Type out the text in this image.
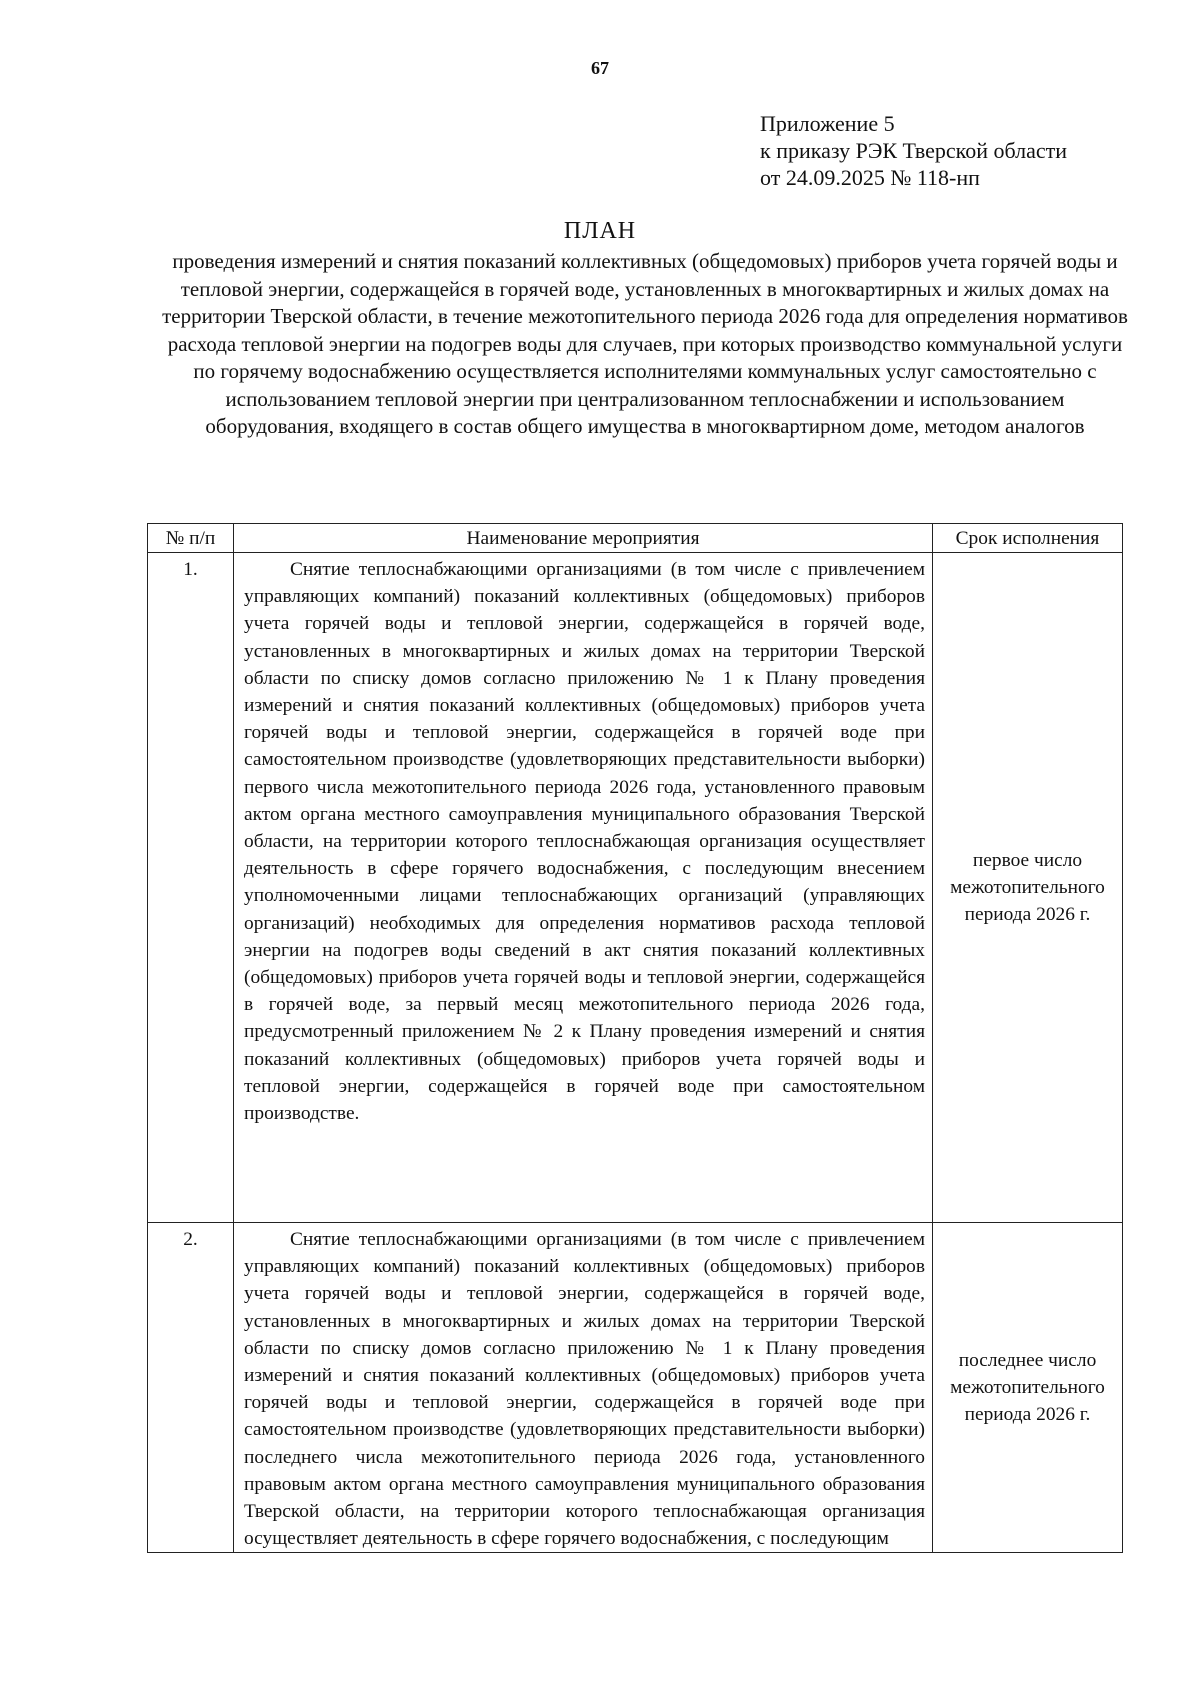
67
Приложение 5
к приказу РЭК Тверской области
от 24.09.2025 № 118-нп
ПЛАН
проведения измерений и снятия показаний коллективных (общедомовых) приборов учета горячей воды и тепловой энергии, содержащейся в горячей воде, установленных в многоквартирных и жилых домах на территории Тверской области, в течение межотопительного периода 2026 года для определения нормативов расхода тепловой энергии на подогрев воды для случаев, при которых производство коммунальной услуги по горячему водоснабжению осуществляется исполнителями коммунальных услуг самостоятельно с использованием тепловой энергии при централизованном теплоснабжении и использованием оборудования, входящего в состав общего имущества в многоквартирном доме, методом аналогов
№ п/п	Наименование мероприятия	Срок исполнения
1.	Снятие теплоснабжающими организациями (в том числе с привлечением управляющих компаний) показаний коллективных (общедомовых) приборов учета горячей воды и тепловой энергии, содержащейся в горячей воде, установленных в многоквартирных и жилых домах на территории Тверской области по списку домов согласно приложению № 1 к Плану проведения измерений и снятия показаний коллективных (общедомовых) приборов учета горячей воды и тепловой энергии, содержащейся в горячей воде при самостоятельном производстве (удовлетворяющих представительности выборки) первого числа межотопительного периода 2026 года, установленного правовым актом органа местного самоуправления муниципального образования Тверской области, на территории которого теплоснабжающая организация осуществляет деятельность в сфере горячего водоснабжения, с последующим внесением уполномоченными лицами теплоснабжающих организаций (управляющих организаций) необходимых для определения нормативов расхода тепловой энергии на подогрев воды сведений в акт снятия показаний коллективных (общедомовых) приборов учета горячей воды и тепловой энергии, содержащейся в горячей воде, за первый месяц межотопительного периода 2026 года, предусмотренный приложением № 2 к Плану проведения измерений и снятия показаний коллективных (общедомовых) приборов учета горячей воды и тепловой энергии, содержащейся в горячей воде при самостоятельном производстве.	первое число межотопительного периода 2026 г.
2.	Снятие теплоснабжающими организациями (в том числе с привлечением управляющих компаний) показаний коллективных (общедомовых) приборов учета горячей воды и тепловой энергии, содержащейся в горячей воде, установленных в многоквартирных и жилых домах на территории Тверской области по списку домов согласно приложению № 1 к Плану проведения измерений и снятия показаний коллективных (общедомовых) приборов учета горячей воды и тепловой энергии, содержащейся в горячей воде при самостоятельном производстве (удовлетворяющих представительности выборки) последнего числа межотопительного периода 2026 года, установленного правовым актом органа местного самоуправления муниципального образования Тверской области, на территории которого теплоснабжающая организация осуществляет деятельность в сфере горячего водоснабжения, с последующим	последнее число межотопительного периода 2026 г.
